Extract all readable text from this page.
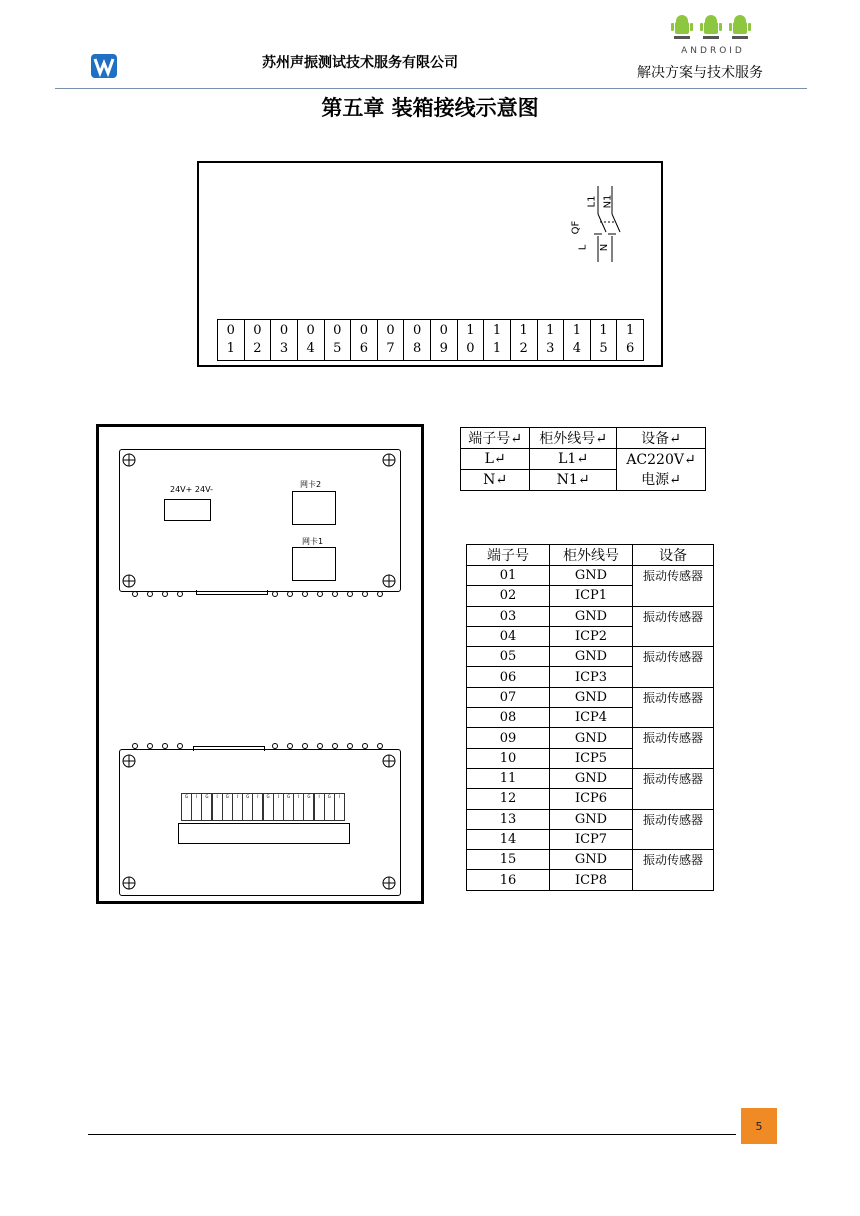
苏州声振测试技术服务有限公司
ANDROID
解决方案与技术服务
第五章 装箱接线示意图
L1 N1
QF
L N
0
1
0
2
0
3
0
4
0
5
0
6
0
7
0
8
0
9
1
0
1
1
1
2
1
3
1
4
1
5
1
6
24V+ 24V-
网卡2
网卡1
G	I	G	I	G	I	G	I	G	I	G	I	G	I	G	I
端子号↵	柜外线号↵	设备↵
L↵	L1↵	AC220V↵
电源↵

N↵	N1↵	
端子号	柜外线号	设备
01	GND	振动传感器
02	ICP1	
03	GND	振动传感器
04	ICP2	
05	GND	振动传感器
06	ICP3	
07	GND	振动传感器
08	ICP4	
09	GND	振动传感器
10	ICP5	
11	GND	振动传感器
12	ICP6	
13	GND	振动传感器
14	ICP7	
15	GND	振动传感器
16	ICP8	
5
